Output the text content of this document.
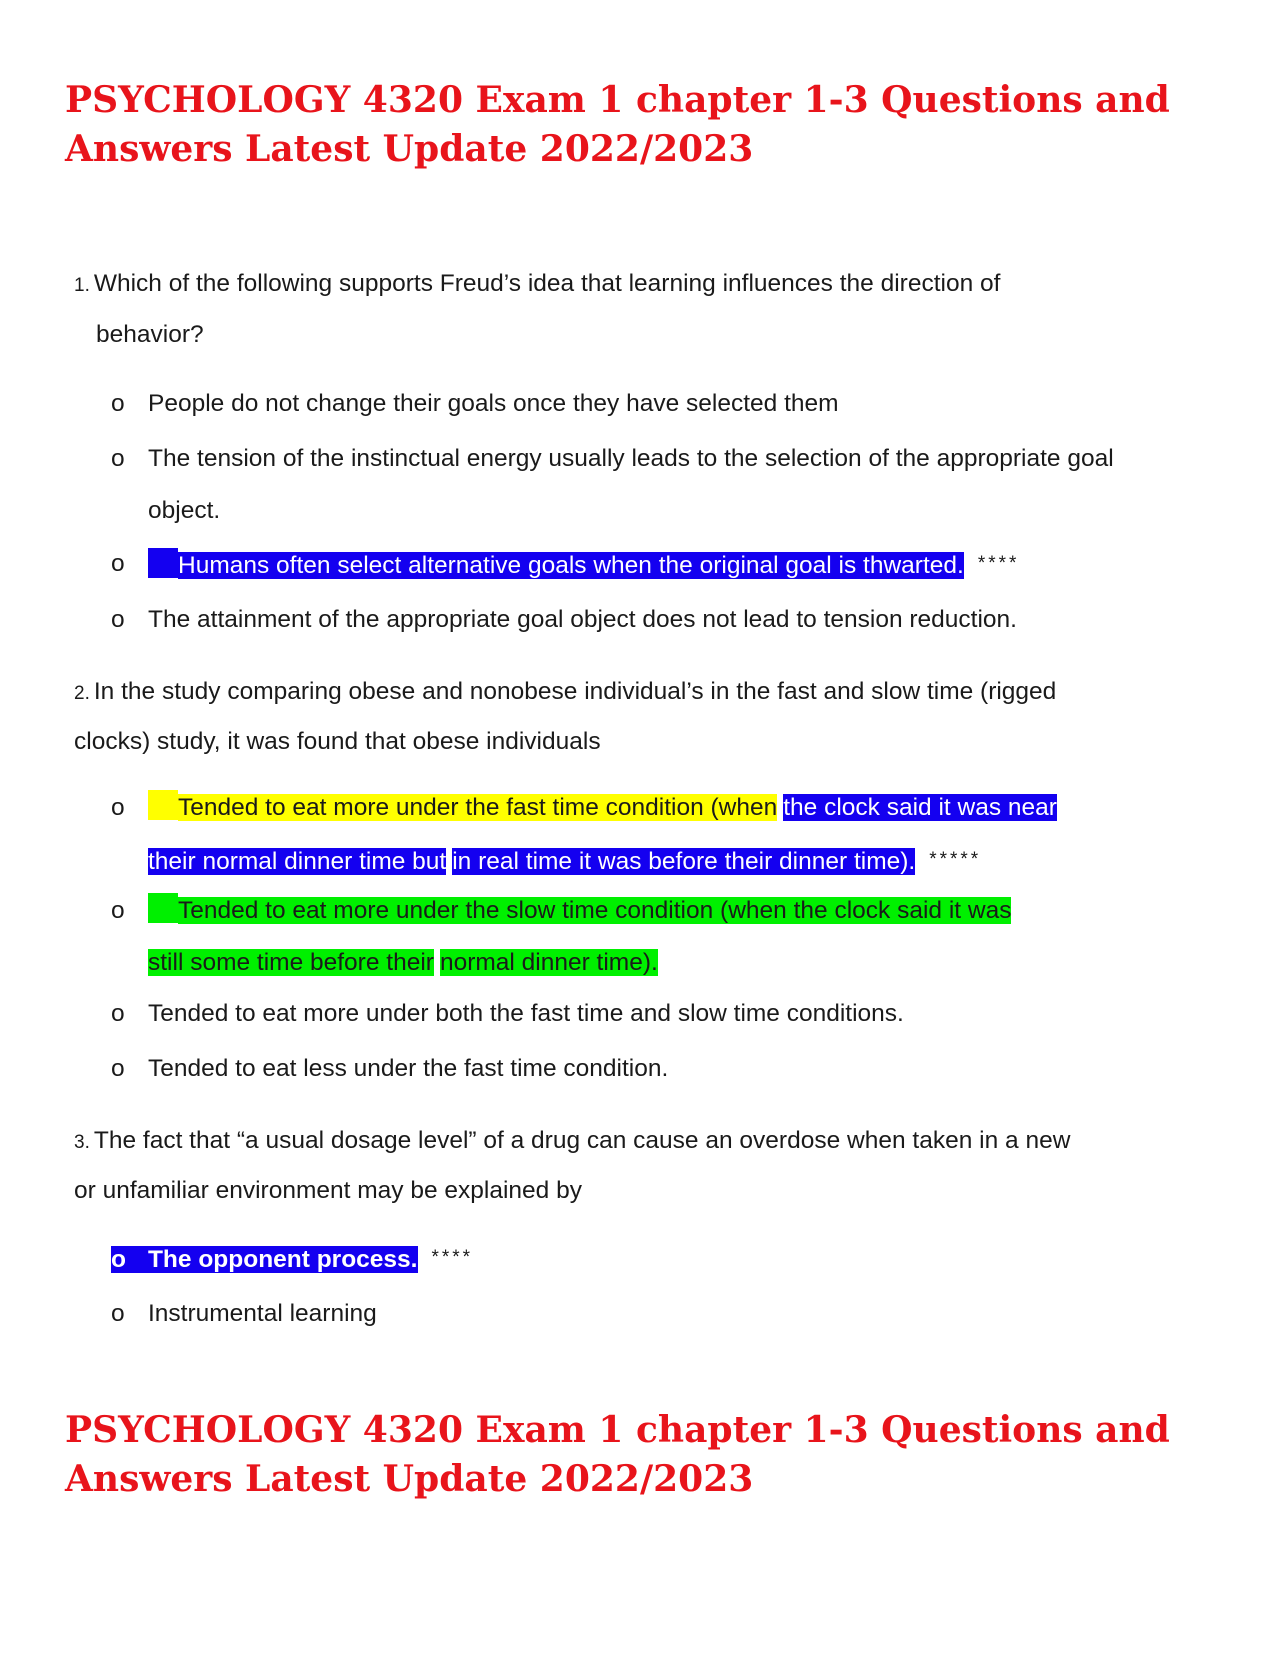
PSYCHOLOGY 4320 Exam 1 chapter 1-3 Questions and
Answers Latest Update 2022/2023
1. Which of the following supports Freud’s idea that learning influences the direction of
behavior?
o People do not change their goals once they have selected them
o The tension of the instinctual energy usually leads to the selection of the appropriate goal
object.
o	Humans often select alternative goals when the original goal is thwarted. ****
o The attainment of the appropriate goal object does not lead to tension reduction.
2. In the study comparing obese and nonobese individual’s in the fast and slow time (rigged
clocks) study, it was found that obese individuals
o	Tended to eat more under the fast time condition (when the clock said it was near
their normal dinner time but in real time it was before their dinner time). *****
o	Tended to eat more under the slow time condition (when the clock said it was
still some time before their normal dinner time).
o Tended to eat more under both the fast time and slow time conditions.
o Tended to eat less under the fast time condition.
3. The fact that “a usual dosage level” of a drug can cause an overdose when taken in a new
or unfamiliar environment may be explained by
o The opponent process. ****
o Instrumental learning
PSYCHOLOGY 4320 Exam 1 chapter 1-3 Questions and
Answers Latest Update 2022/2023
